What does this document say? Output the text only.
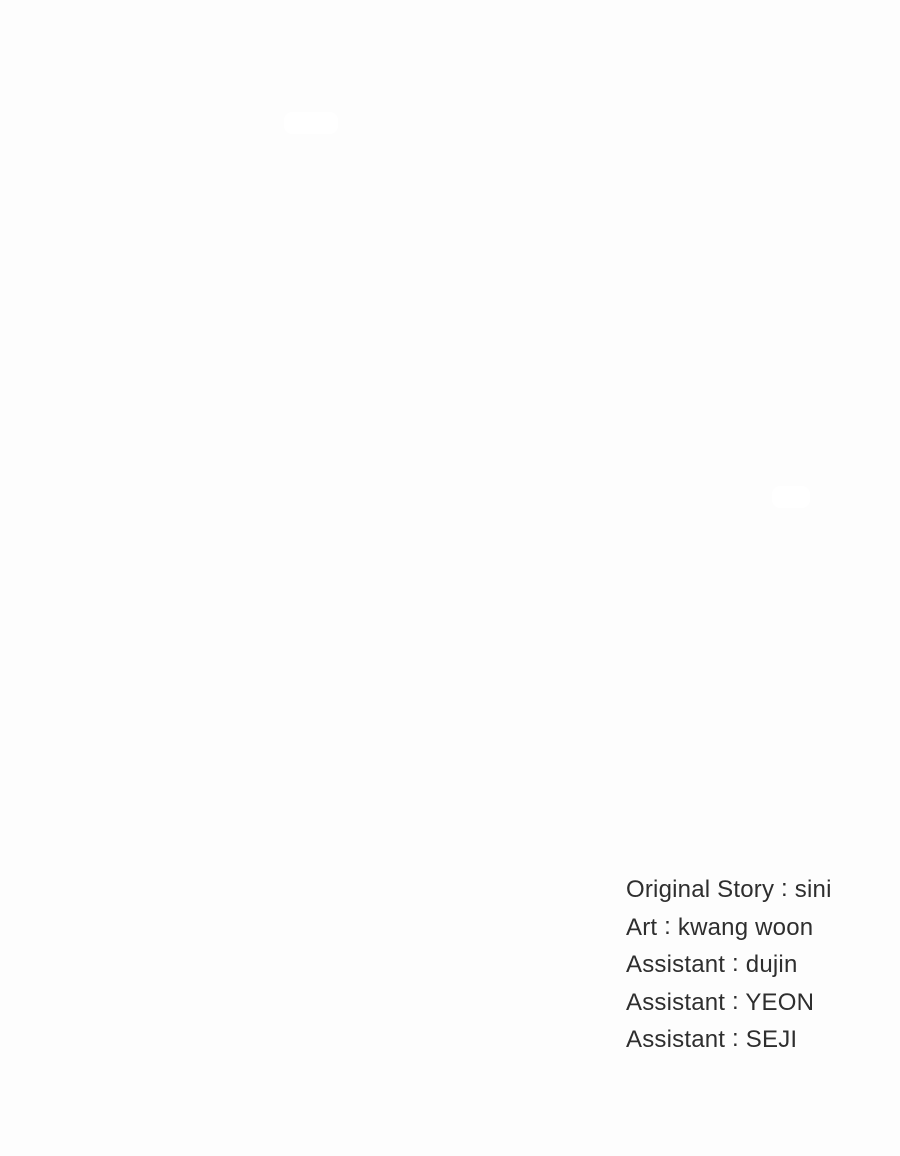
Original Story : sini
Art : kwang woon
Assistant : dujin
Assistant : YEON
Assistant : SEJI
